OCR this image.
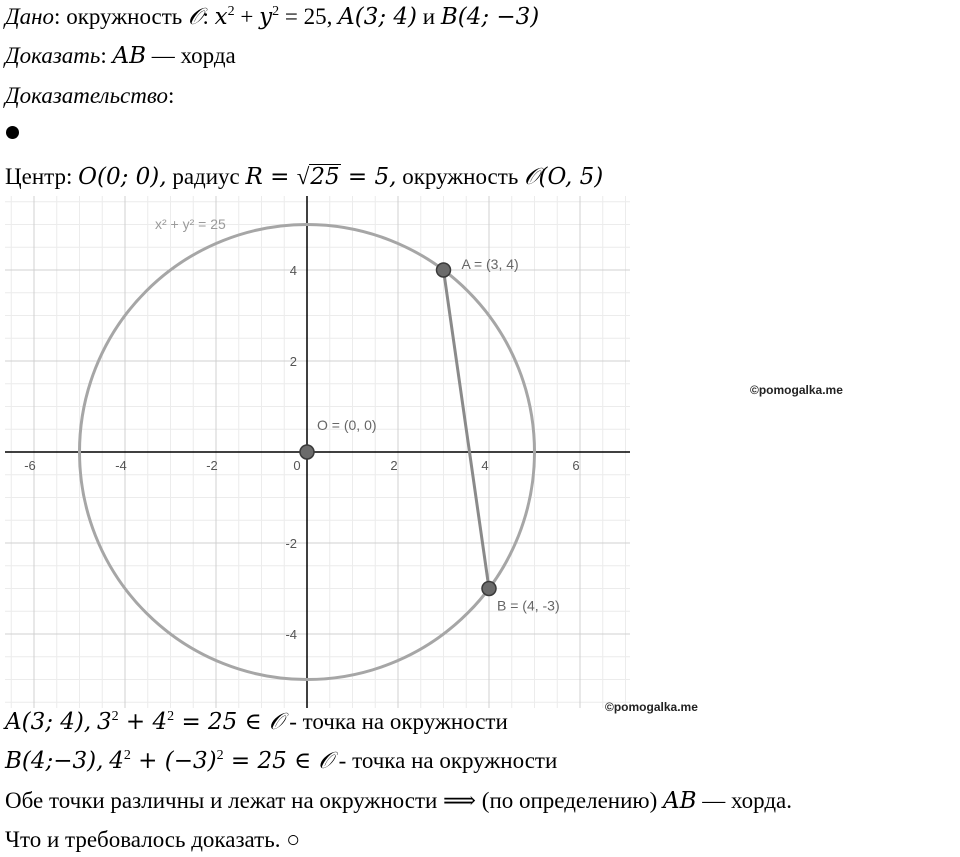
Дано: окружность 𝒪: $x^2 + y^2 = 25$, A(3; 4) и B(4; −3)
Доказать: AB — хорда
Доказательство:
Центр: O(0; 0), радиус R = √25 = 5, окружность 𝒪(O, 5)
-6	-4	-2	0	2	4	6
4
2
-2
-4
x² + y² = 25
A = (3, 4)
B = (4, -3)
O = (0, 0)
©pomogalka.me
©pomogalka.me
A(3; 4), $3^2 + 4^2 = 25$ ∈ 𝒪 - точка на окружности
B(4;−3), $4^2 + (-3)^2 = 25$ ∈ 𝒪 - точка на окружности
Обе точки различны и лежат на окружности ⟹ (по определению) AB — хорда.
Что и требовалось доказать. ○
